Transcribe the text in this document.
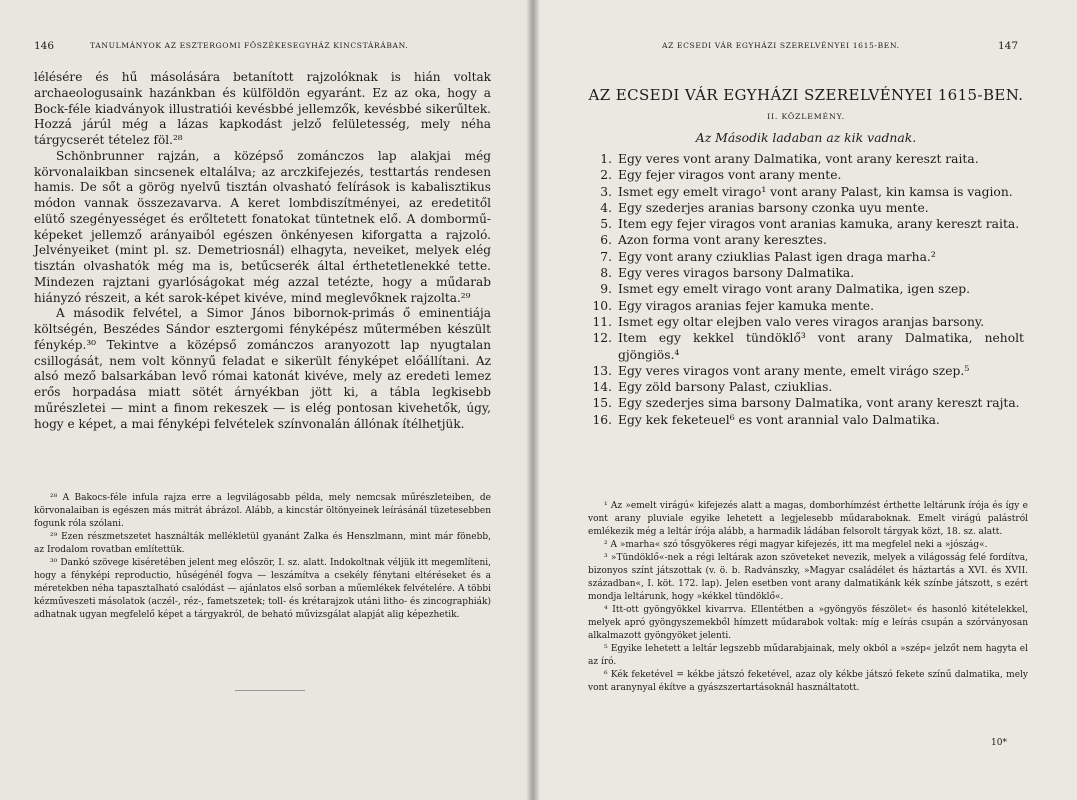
146	TANULMÁNYOK AZ ESZTERGOMI FŐSZÉKESEGYHÁZ KINCSTÁRÁBAN.

lélésére és hű másolására betanított rajzolóknak is hián voltak archaeologusaink hazánkban és külföldön egyaránt. Ez az oka, hogy a Bock-féle kiadványok illustratiói kevésbbé jellemzők, kevésbbé sikerűltek. Hozzá járúl még a lázas kapkodást jelző felületesség, mely néha tárgycserét tételez föl.²⁸

Schönbrunner rajzán, a középső zománczos lap alakjai még körvonalaikban sincsenek eltalálva; az arczkifejezés, testtartás rendesen hamis. De sőt a görög nyelvű tisztán olvasható felírások is kabalisztikus módon vannak összezavarva. A keret lombdiszítményei, az eredetitől elütő szegényességet és erőltetett fonatokat tüntetnek elő. A dombormű-képeket jellemző arányaiból egészen önkényesen kiforgatta a rajzoló. Jelvényeiket (mint pl. sz. Demetriosnál) elhagyta, neveiket, melyek elég tisztán olvashatók még ma is, betűcserék által érthetetlenekké tette. Mindezen rajztani gyarlóságokat még azzal tetézte, hogy a műdarab hiányzó részeit, a két sarok-képet kivéve, mind meglevőknek rajzolta.²⁹

A második felvétel, a Simor János bibornok-primás ő eminentiája költségén, Beszédes Sándor esztergomi fényképész műtermében készült fénykép.³⁰ Tekintve a középső zománczos aranyozott lap nyugtalan csillogását, nem volt könnyű feladat e sikerült fényképet előállítani. Az alsó mező balsarkában levő római katonát kivéve, mely az eredeti lemez erős horpadása miatt sötét árnyékban jött ki, a tábla legkisebb műrészletei — mint a finom rekeszek — is elég pontosan kivehetők, úgy, hogy e képet, a mai fényképi felvételek színvonalán állónak ítélhetjük.

²⁸ A Bakocs-féle infula rajza erre a legvilágosabb példa, mely nemcsak műrészleteiben, de körvonalaiban is egészen más mitrát ábrázol. Alább, a kincstár öltönyeinek leírásánál tüzetesebben fogunk róla szólani.

²⁹ Ezen részmetszetet használták mellékletül gyanánt Zalka és Henszlmann, mint már fönebb, az Irodalom rovatban említettük.

³⁰ Dankó szövege kiséretében jelent meg először, I. sz. alatt. Indokoltnak véljük itt megemlíteni, hogy a fényképi reproductio, hűségénél fogva — leszámítva a csekély fénytani eltéréseket és a méretekben néha tapasztalható csalódást — ajánlatos első sorban a műemlékek felvételére. A többi kézműveszeti másolatok (aczél-, réz-, fametszetek; toll- és krétarajzok utáni litho- és zincographiák) adhatnak ugyan megfelelő képet a tárgyakról, de beható művizsgálat alapját alig képezhetik.

AZ ECSEDI VÁR EGYHÁZI SZERELVÉNYEI 1615-BEN.	147
AZ ECSEDI VÁR EGYHÁZI SZERELVÉNYEI 1615-BEN.
II. KÖZLEMÉNY.
Az Második ladaban az kik vadnak.
1. Egy veres vont arany Dalmatika, vont arany kereszt raita.
2. Egy fejer viragos vont arany mente.
3. Ismet egy emelt virago¹ vont arany Palast, kin kamsa is vagion.
4. Egy szederjes aranias barsony czonka uyu mente.
5. Item egy fejer viragos vont aranias kamuka, arany kereszt raita.
6. Azon forma vont arany keresztes.
7. Egy vont arany cziuklias Palast igen draga marha.²
8. Egy veres viragos barsony Dalmatika.
9. Ismet egy emelt virago vont arany Dalmatika, igen szep.
10. Egy viragos aranias fejer kamuka mente.
11. Ismet egy oltar elejben valo veres viragos aranjas barsony.
12. Item egy kekkel tündöklő³ vont arany Dalmatika, neholt gjöngiös.⁴
13. Egy veres viragos vont arany mente, emelt virágo szep.⁵
14. Egy zöld barsony Palast, cziuklias.
15. Egy szederjes sima barsony Dalmatika, vont arany kereszt rajta.
16. Egy kek feketeuel⁶ es vont arannial valo Dalmatika.

¹ Az »emelt virágú« kifejezés alatt a magas, domborhímzést érthette leltárunk írója és így e vont arany pluviale egyike lehetett a legjelesebb műdaraboknak. Emelt virágú palástról emlékezik még a leltár írója alább, a harmadik ládában felsorolt tárgyak közt, 18. sz. alatt.

² A »marha« szó tősgyökeres régi magyar kifejezés, itt ma megfelel neki a »jószág«.

³ »Tündöklő«-nek a régi leltárak azon szöveteket nevezik, melyek a világosság felé fordítva, bizonyos színt játszottak (v. ö. b. Radvánszky, »Magyar családélet és háztartás a XVI. és XVII. században«, I. köt. 172. lap). Jelen esetben vont arany dalmatikánk kék színbe játszott, s ezért mondja leltárunk, hogy »kékkel tündöklő«.

⁴ Itt-ott gyöngyökkel kivarrva. Ellentétben a »gyöngyös fészölet« és hasonló kitételekkel, melyek apró gyöngyszemekből hímzett műdarabok voltak: míg e leírás csupán a szórványosan alkalmazott gyöngyöket jelenti.

⁵ Egyike lehetett a leltár legszebb műdarabjainak, mely okból a »szép« jelzőt nem hagyta el az író.

⁶ Kék feketével = kékbe játszó feketével, azaz oly kékbe játszó fekete színű dalmatika, mely vont aranynyal ékítve a gyászszertartásoknál használtatott.

10*
